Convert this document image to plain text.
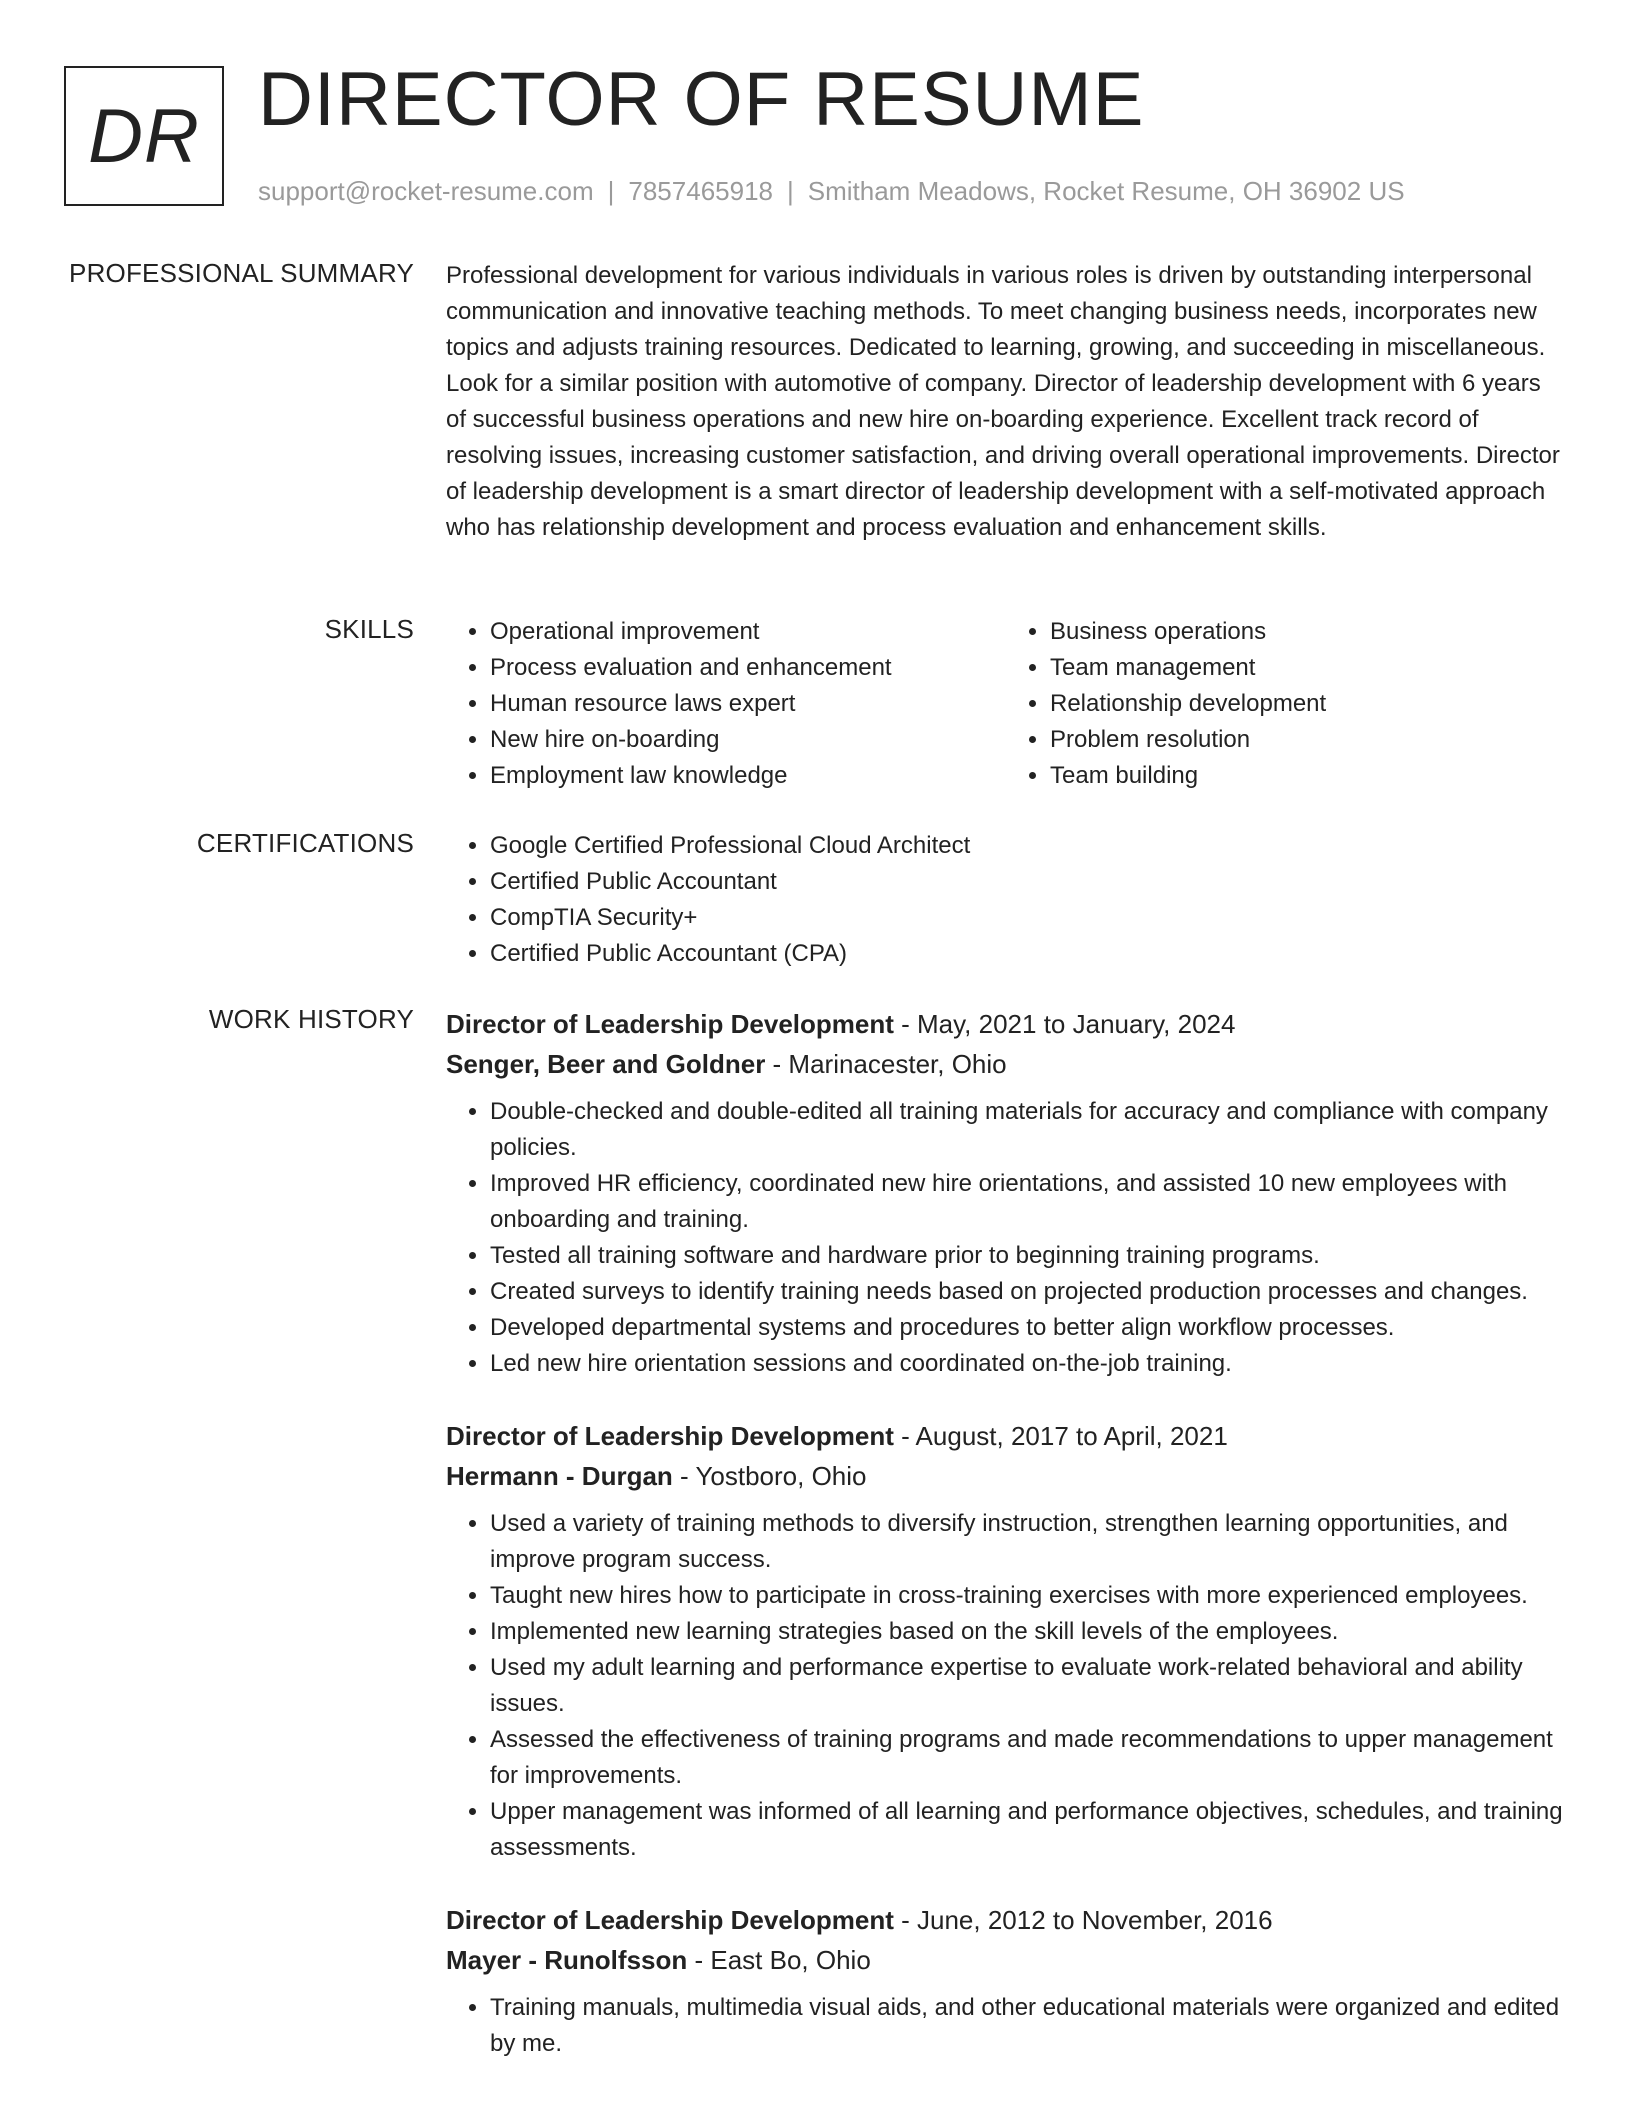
DR DIRECTOR OF RESUME
support@rocket-resume.com | 7857465918 | Smitham Meadows, Rocket Resume, OH 36902 US
PROFESSIONAL SUMMARY Professional development for various individuals in various roles is driven by outstanding interpersonal communication and innovative teaching methods. To meet changing business needs, incorporates new topics and adjusts training resources. Dedicated to learning, growing, and succeeding in miscellaneous. Look for a similar position with automotive of company. Director of leadership development with 6 years of successful business operations and new hire on-boarding experience. Excellent track record of resolving issues, increasing customer satisfaction, and driving overall operational improvements. Director of leadership development is a smart director of leadership development with a self-motivated approach who has relationship development and process evaluation and enhancement skills.

SKILLS	• Operational improvement
• Process evaluation and enhancement
• Human resource laws expert
• New hire on-boarding
• Employment law knowledge
• Business operations
• Team management
• Relationship development
• Problem resolution
• Team building
CERTIFICATIONS	• Google Certified Professional Cloud Architect
• Certified Public Accountant
• CompTIA Security+
• Certified Public Accountant (CPA)
WORK HISTORY Director of Leadership Development - May, 2021 to January, 2024
Senger, Beer and Goldner - Marinacester, Ohio
• Double-checked and double-edited all training materials for accuracy and compliance with company policies.
• Improved HR efficiency, coordinated new hire orientations, and assisted 10 new employees with onboarding and training.
• Tested all training software and hardware prior to beginning training programs.
• Created surveys to identify training needs based on projected production processes and changes.
• Developed departmental systems and procedures to better align workflow processes.
• Led new hire orientation sessions and coordinated on-the-job training.
Director of Leadership Development - August, 2017 to April, 2021
Hermann - Durgan - Yostboro, Ohio
• Used a variety of training methods to diversify instruction, strengthen learning opportunities, and improve program success.
• Taught new hires how to participate in cross-training exercises with more experienced employees.
• Implemented new learning strategies based on the skill levels of the employees.
• Used my adult learning and performance expertise to evaluate work-related behavioral and ability issues.
• Assessed the effectiveness of training programs and made recommendations to upper management for improvements.
• Upper management was informed of all learning and performance objectives, schedules, and training assessments.
Director of Leadership Development - June, 2012 to November, 2016
Mayer - Runolfsson - East Bo, Ohio
• Training manuals, multimedia visual aids, and other educational materials were organized and edited by me.
